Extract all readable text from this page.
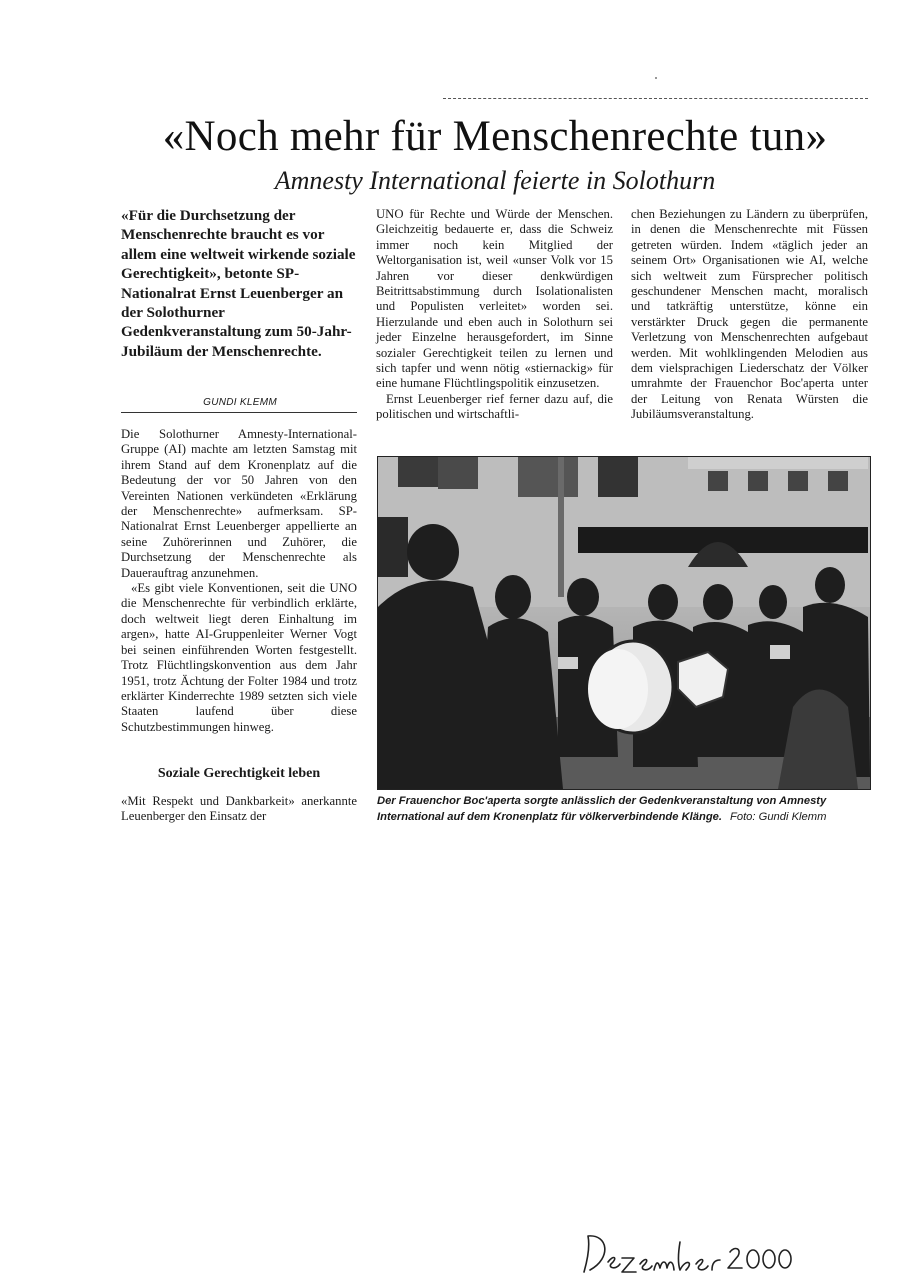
«Noch mehr für Menschenrechte tun»
Amnesty International feierte in Solothurn
«Für die Durchsetzung der Menschenrechte braucht es vor allem eine weltweit wirkende soziale Gerechtigkeit», betonte SP-Nationalrat Ernst Leuenberger an der Solothurner Gedenkveranstaltung zum 50-Jahr-Jubiläum der Menschenrechte.
GUNDI KLEMM

Die Solothurner Amnesty-International-Gruppe (AI) machte am letzten Samstag mit ihrem Stand auf dem Kronenplatz auf die Bedeutung der vor 50 Jahren von den Vereinten Nationen verkündeten «Erklärung der Menschenrechte» aufmerksam. SP-Nationalrat Ernst Leuenberger appellierte an seine Zuhörerinnen und Zuhörer, die Durchsetzung der Menschenrechte als Dauerauftrag anzunehmen.

«Es gibt viele Konventionen, seit die UNO die Menschenrechte für verbindlich erklärte, doch weltweit liegt deren Einhaltung im argen», hatte AI-Gruppenleiter Werner Vogt bei seinen einführenden Worten festgestellt. Trotz Flüchtlingskonvention aus dem Jahr 1951, trotz Ächtung der Folter 1984 und trotz erklärter Kinderrechte 1989 setzten sich viele Staaten laufend über diese Schutzbestimmungen hinweg.

Soziale Gerechtigkeit leben

«Mit Respekt und Dankbarkeit» anerkannte Leuenberger den Einsatz der

UNO für Rechte und Würde der Menschen. Gleichzeitig bedauerte er, dass die Schweiz immer noch kein Mitglied der Weltorganisation ist, weil «unser Volk vor 15 Jahren vor dieser denkwürdigen Beitrittsabstimmung durch Isolationalisten und Populisten verleitet» worden sei. Hierzulande und eben auch in Solothurn sei jeder Einzelne herausgefordert, im Sinne sozialer Gerechtigkeit teilen zu lernen und sich tapfer und wenn nötig «stiernackig» für eine humane Flüchtlingspolitik einzusetzen.

Ernst Leuenberger rief ferner dazu auf, die politischen und wirtschaftli-

chen Beziehungen zu Ländern zu überprüfen, in denen die Menschenrechte mit Füssen getreten würden. Indem «täglich jeder an seinem Ort» Organisationen wie AI, welche sich weltweit zum Fürsprecher politisch geschundener Menschen macht, moralisch und tatkräftig unterstütze, könne ein verstärkter Druck gegen die permanente Verletzung von Menschenrechten aufgebaut werden. Mit wohlklingenden Melodien aus dem vielsprachigen Liederschatz der Völker umrahmte der Frauenchor Boc'aperta unter der Leitung von Renata Würsten die Jubiläumsveranstaltung.

Der Frauenchor Boc'aperta sorgte anlässlich der Gedenkveranstaltung von Amnesty International auf dem Kronenplatz für völkerverbindende Klänge. Foto: Gundi Klemm
